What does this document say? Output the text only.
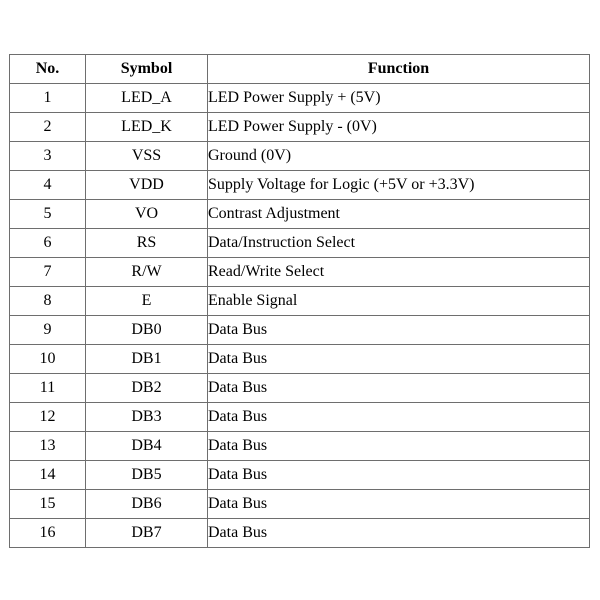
No.	Symbol	Function
1	LED_A	LED Power Supply + (5V)
2	LED_K	LED Power Supply - (0V)
3	VSS	Ground (0V)
4	VDD	Supply Voltage for Logic (+5V or +3.3V)
5	VO	Contrast Adjustment
6	RS	Data/Instruction Select
7	R/W	Read/Write Select
8	E	Enable Signal
9	DB0	Data Bus
10	DB1	Data Bus
11	DB2	Data Bus
12	DB3	Data Bus
13	DB4	Data Bus
14	DB5	Data Bus
15	DB6	Data Bus
16	DB7	Data Bus
